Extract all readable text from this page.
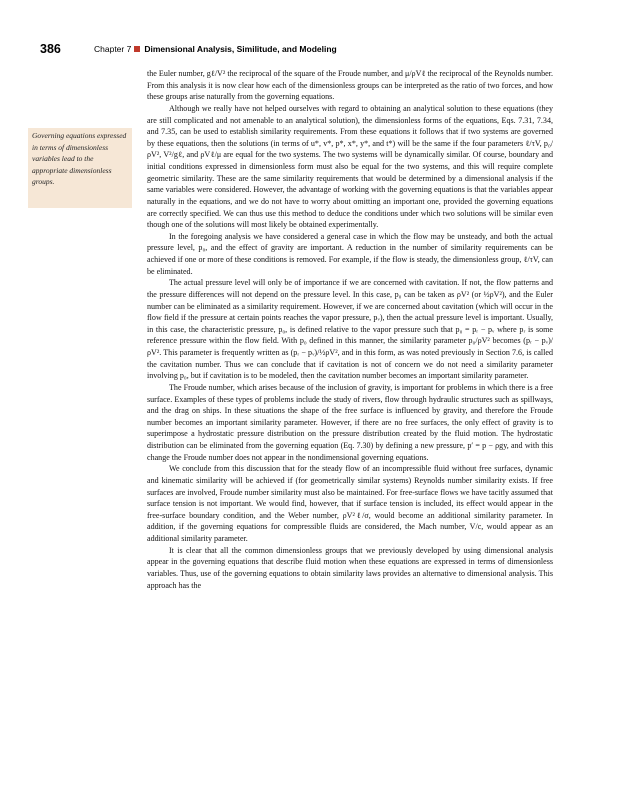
386	Chapter 7 Dimensional Analysis, Similitude, and Modeling
Governing equations expressed in terms of dimensionless variables lead to the appropriate dimensionless groups.

the Euler number, gℓ/V² the reciprocal of the square of the Froude number, and μ/ρVℓ the reciprocal of the Reynolds number. From this analysis it is now clear how each of the dimensionless groups can be interpreted as the ratio of two forces, and how these groups arise naturally from the governing equations.

Although we really have not helped ourselves with regard to obtaining an analytical solution to these equations (they are still complicated and not amenable to an analytical solution), the dimensionless forms of the equations, Eqs. 7.31, 7.34, and 7.35, can be used to establish similarity requirements. From these equations it follows that if two systems are governed by these equations, then the solutions (in terms of u*, v*, p*, x*, y*, and t*) will be the same if the four parameters ℓ/τV, p₀/ρV², V²/gℓ, and ρVℓ/μ are equal for the two systems. The two systems will be dynamically similar. Of course, boundary and initial conditions expressed in dimensionless form must also be equal for the two systems, and this will require complete geometric similarity. These are the same similarity requirements that would be determined by a dimensional analysis if the same variables were considered. However, the advantage of working with the governing equations is that the variables appear naturally in the equations, and we do not have to worry about omitting an important one, provided the governing equations are correctly specified. We can thus use this method to deduce the conditions under which two solutions will be similar even though one of the solutions will most likely be obtained experimentally.

In the foregoing analysis we have considered a general case in which the flow may be unsteady, and both the actual pressure level, p₀, and the effect of gravity are important. A reduction in the number of similarity requirements can be achieved if one or more of these conditions is removed. For example, if the flow is steady, the dimensionless group, ℓ/τV, can be eliminated.

The actual pressure level will only be of importance if we are concerned with cavitation. If not, the flow patterns and the pressure differences will not depend on the pressure level. In this case, p₀ can be taken as ρV² (or ½ρV²), and the Euler number can be eliminated as a similarity requirement. However, if we are concerned about cavitation (which will occur in the flow field if the pressure at certain points reaches the vapor pressure, pᵥ), then the actual pressure level is important. Usually, in this case, the characteristic pressure, p₀, is defined relative to the vapor pressure such that p₀ = pᵣ − pᵥ where pᵣ is some reference pressure within the flow field. With p₀ defined in this manner, the similarity parameter p₀/ρV² becomes (pᵣ − pᵥ)/ρV². This parameter is frequently written as (pᵣ − pᵥ)/½ρV², and in this form, as was noted previously in Section 7.6, is called the cavitation number. Thus we can conclude that if cavitation is not of concern we do not need a similarity parameter involving p₀, but if cavitation is to be modeled, then the cavitation number becomes an important similarity parameter.

The Froude number, which arises because of the inclusion of gravity, is important for problems in which there is a free surface. Examples of these types of problems include the study of rivers, flow through hydraulic structures such as spillways, and the drag on ships. In these situations the shape of the free surface is influenced by gravity, and therefore the Froude number becomes an important similarity parameter. However, if there are no free surfaces, the only effect of gravity is to superimpose a hydrostatic pressure distribution on the pressure distribution created by the fluid motion. The hydrostatic distribution can be eliminated from the governing equation (Eq. 7.30) by defining a new pressure, p′ = p − ρgy, and with this change the Froude number does not appear in the nondimensional governing equations.

We conclude from this discussion that for the steady flow of an incompressible fluid without free surfaces, dynamic and kinematic similarity will be achieved if (for geometrically similar systems) Reynolds number similarity exists. If free surfaces are involved, Froude number similarity must also be maintained. For free-surface flows we have tacitly assumed that surface tension is not important. We would find, however, that if surface tension is included, its effect would appear in the free-surface boundary condition, and the Weber number, ρV²ℓ/σ, would become an additional similarity parameter. In addition, if the governing equations for compressible fluids are considered, the Mach number, V/c, would appear as an additional similarity parameter.

It is clear that all the common dimensionless groups that we previously developed by using dimensional analysis appear in the governing equations that describe fluid motion when these equations are expressed in terms of dimensionless variables. Thus, use of the governing equations to obtain similarity laws provides an alternative to dimensional analysis. This approach has the
